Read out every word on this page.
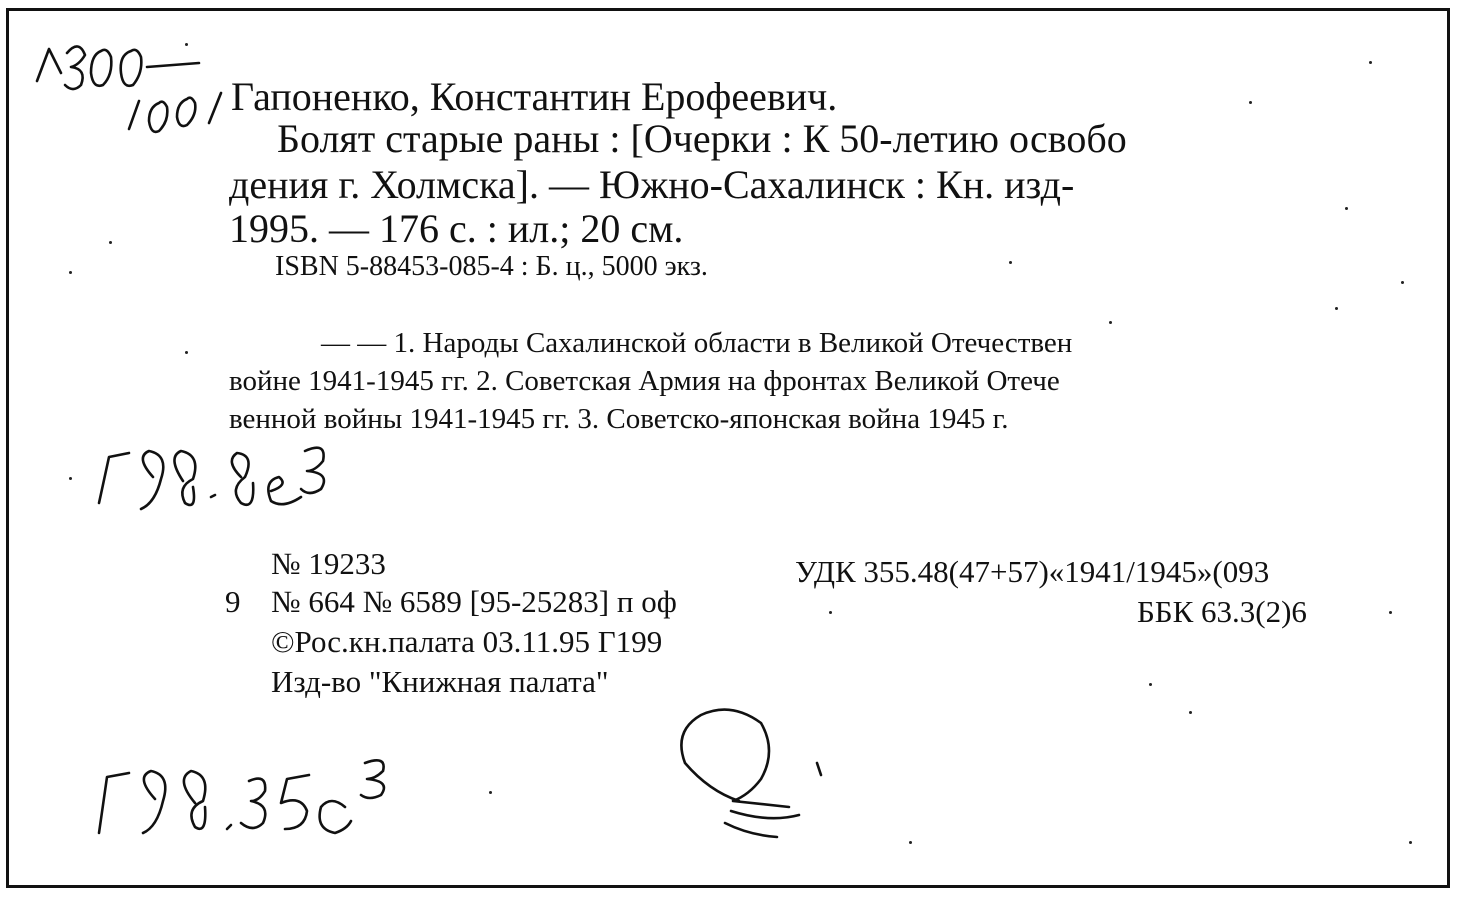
Гапоненко, Константин Ерофеевич.
Болят старые раны : [Очерки : К 50-летию освобо
дения г. Холмска]. — Южно-Сахалинск : Кн. изд-
1995. — 176 с. : ил.; 20 см.
ISBN 5-88453-085-4 : Б. ц., 5000 экз.
— — 1. Народы Сахалинской области в Великой Отечествен
войне 1941-1945 гг. 2. Советская Армия на фронтах Великой Отече
венной войны 1941-1945 гг. 3. Советско-японская война 1945 г.
№ 19233
9 № 664 № 6589 [95-25283] п оф
©Рос.кн.палата 03.11.95 Г199
Изд-во "Книжная палата"
УДК 355.48(47+57)«1941/1945»(093
ББК 63.3(2)6
